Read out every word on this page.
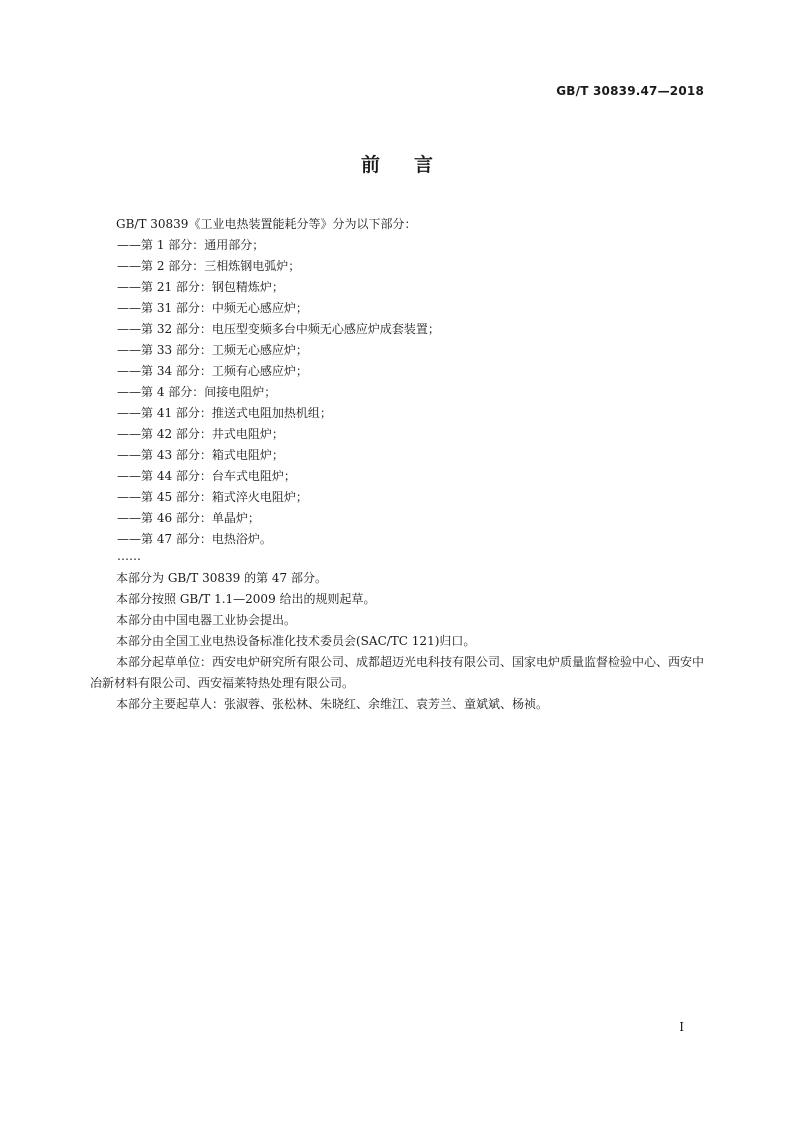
GB/T 30839.47—2018
前言
GB/T 30839《工业电热装置能耗分等》分为以下部分：
——第 1 部分：通用部分；
——第 2 部分：三相炼钢电弧炉；
——第 21 部分：钢包精炼炉；
——第 31 部分：中频无心感应炉；
——第 32 部分：电压型变频多台中频无心感应炉成套装置；
——第 33 部分：工频无心感应炉；
——第 34 部分：工频有心感应炉；
——第 4 部分：间接电阻炉；
——第 41 部分：推送式电阻加热机组；
——第 42 部分：井式电阻炉；
——第 43 部分：箱式电阻炉；
——第 44 部分：台车式电阻炉；
——第 45 部分：箱式淬火电阻炉；
——第 46 部分：单晶炉；
——第 47 部分：电热浴炉。
……
本部分为 GB/T 30839 的第 47 部分。
本部分按照 GB/T 1.1—2009 给出的规则起草。
本部分由中国电器工业协会提出。
本部分由全国工业电热设备标准化技术委员会(SAC/TC 121)归口。
本部分起草单位：西安电炉研究所有限公司、成都超迈光电科技有限公司、国家电炉质量监督检验中心、西安中冶新材料有限公司、西安福莱特热处理有限公司。
本部分主要起草人：张淑蓉、张松林、朱晓红、余维江、袁芳兰、童斌斌、杨祯。
I
